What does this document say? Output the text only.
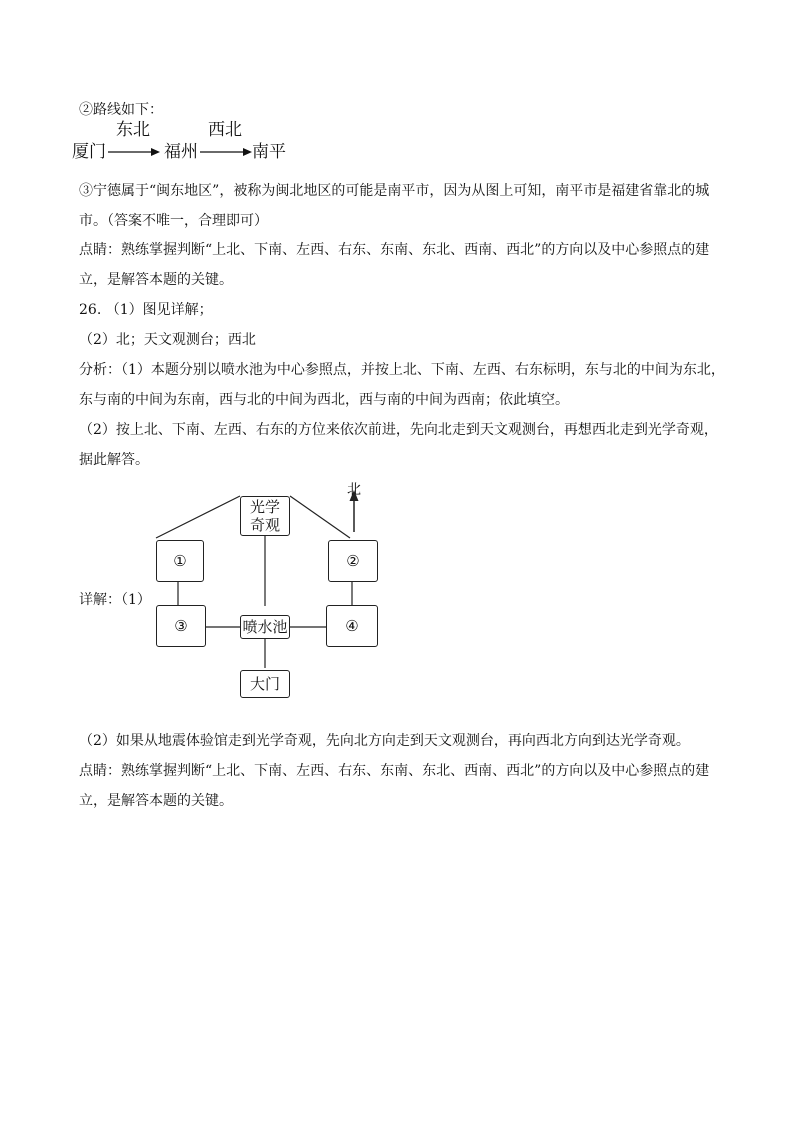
②路线如下：
厦门
东北
福州
西北
南平
③宁德属于“闽东地区”，被称为闽北地区的可能是南平市，因为从图上可知，南平市是福建省靠北的城
市。（答案不唯一，合理即可）
点睛：熟练掌握判断“上北、下南、左西、右东、东南、东北、西南、西北”的方向以及中心参照点的建
立，是解答本题的关键。
26. （1）图见详解；
（2）北；天文观测台；西北
分析：（1）本题分别以喷水池为中心参照点，并按上北、下南、左西、右东标明，东与北的中间为东北，
东与南的中间为东南，西与北的中间为西北，西与南的中间为西南；依此填空。
（2）按上北、下南、左西、右东的方位来依次前进，先向北走到天文观测台，再想西北走到光学奇观，
据此解答。
详解：（1）
北
光学
奇观
①	②
③	喷水池	④
大门
（2）如果从地震体验馆走到光学奇观，先向北方向走到天文观测台，再向西北方向到达光学奇观。
点睛：熟练掌握判断“上北、下南、左西、右东、东南、东北、西南、西北”的方向以及中心参照点的建
立，是解答本题的关键。
